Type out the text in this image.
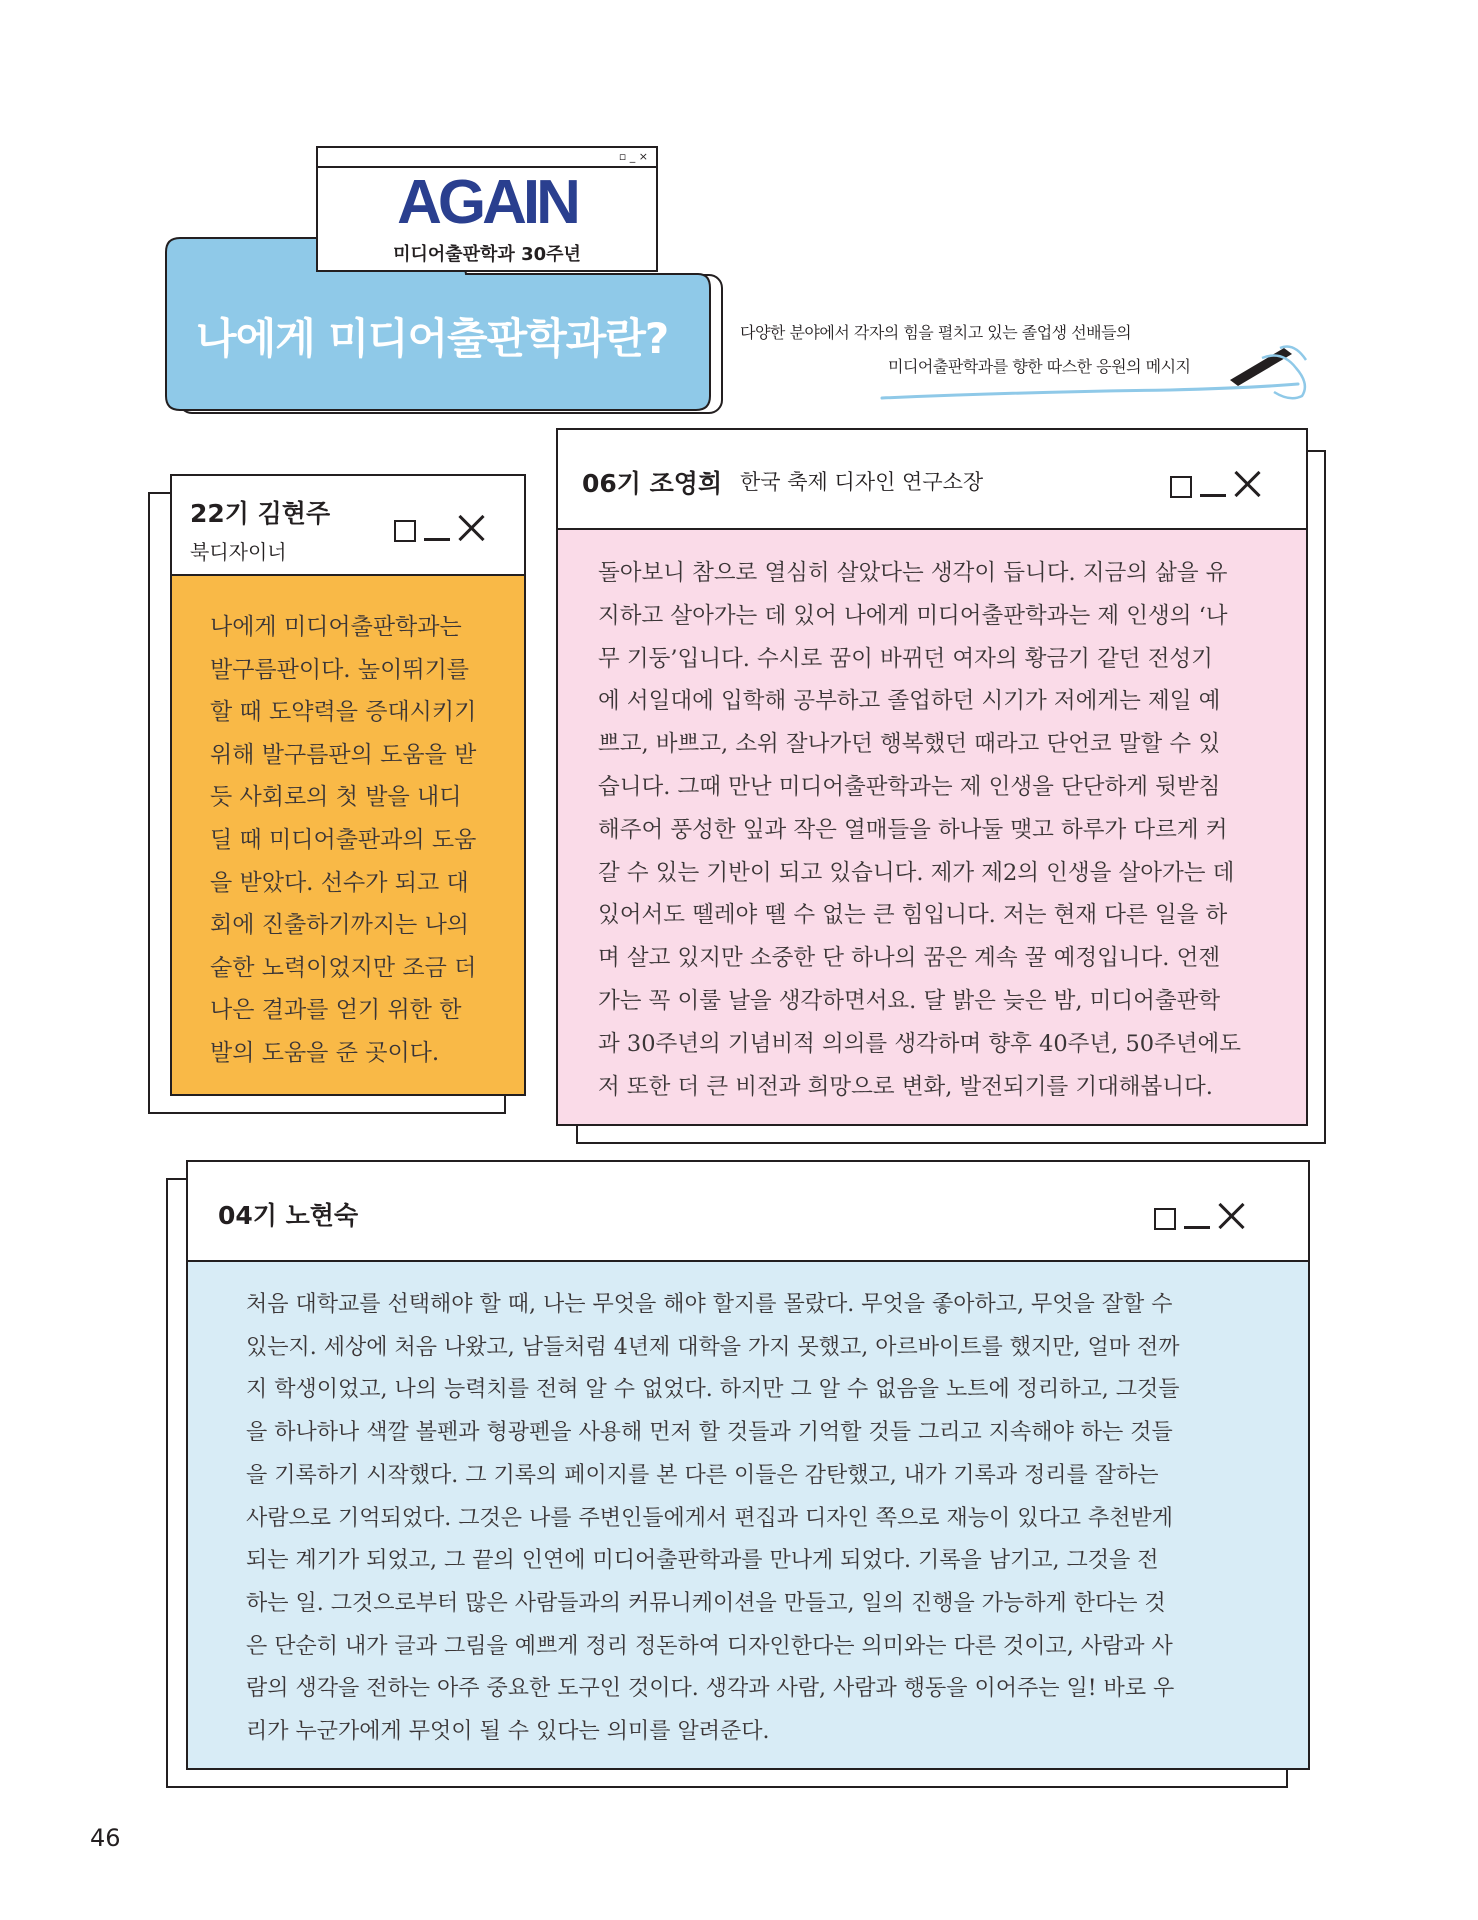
▫ _ ×
AGAIN
미디어출판학과 30주년
나에게 미디어출판학과란?	다양한 분야에서 각자의 힘을 펼치고 있는 졸업생 선배들의
미디어출판학과를 향한 따스한 응원의 메시지
22기 김현주
북디자이너
나에게 미디어출판학과는
발구름판이다. 높이뛰기를
할 때 도약력을 증대시키기
위해 발구름판의 도움을 받
듯 사회로의 첫 발을 내디
딜 때 미디어출판과의 도움
을 받았다. 선수가 되고 대
회에 진출하기까지는 나의
숱한 노력이었지만 조금 더
나은 결과를 얻기 위한 한
발의 도움을 준 곳이다.
06기 조영희 한국 축제 디자인 연구소장
돌아보니 참으로 열심히 살았다는 생각이 듭니다. 지금의 삶을 유
지하고 살아가는 데 있어 나에게 미디어출판학과는 제 인생의 ‘나
무 기둥’입니다. 수시로 꿈이 바뀌던 여자의 황금기 같던 전성기
에 서일대에 입학해 공부하고 졸업하던 시기가 저에게는 제일 예
쁘고, 바쁘고, 소위 잘나가던 행복했던 때라고 단언코 말할 수 있
습니다. 그때 만난 미디어출판학과는 제 인생을 단단하게 뒷받침
해주어 풍성한 잎과 작은 열매들을 하나둘 맺고 하루가 다르게 커
갈 수 있는 기반이 되고 있습니다. 제가 제2의 인생을 살아가는 데
있어서도 뗄레야 뗄 수 없는 큰 힘입니다. 저는 현재 다른 일을 하
며 살고 있지만 소중한 단 하나의 꿈은 계속 꿀 예정입니다. 언젠
가는 꼭 이룰 날을 생각하면서요. 달 밝은 늦은 밤, 미디어출판학
과 30주년의 기념비적 의의를 생각하며 향후 40주년, 50주년에도
저 또한 더 큰 비전과 희망으로 변화, 발전되기를 기대해봅니다.
04기 노현숙
처음 대학교를 선택해야 할 때, 나는 무엇을 해야 할지를 몰랐다. 무엇을 좋아하고, 무엇을 잘할 수
있는지. 세상에 처음 나왔고, 남들처럼 4년제 대학을 가지 못했고, 아르바이트를 했지만, 얼마 전까
지 학생이었고, 나의 능력치를 전혀 알 수 없었다. 하지만 그 알 수 없음을 노트에 정리하고, 그것들
을 하나하나 색깔 볼펜과 형광펜을 사용해 먼저 할 것들과 기억할 것들 그리고 지속해야 하는 것들
을 기록하기 시작했다. 그 기록의 페이지를 본 다른 이들은 감탄했고, 내가 기록과 정리를 잘하는
사람으로 기억되었다. 그것은 나를 주변인들에게서 편집과 디자인 쪽으로 재능이 있다고 추천받게
되는 계기가 되었고, 그 끝의 인연에 미디어출판학과를 만나게 되었다. 기록을 남기고, 그것을 전
하는 일. 그것으로부터 많은 사람들과의 커뮤니케이션을 만들고, 일의 진행을 가능하게 한다는 것
은 단순히 내가 글과 그림을 예쁘게 정리 정돈하여 디자인한다는 의미와는 다른 것이고, 사람과 사
람의 생각을 전하는 아주 중요한 도구인 것이다. 생각과 사람, 사람과 행동을 이어주는 일! 바로 우
리가 누군가에게 무엇이 될 수 있다는 의미를 알려준다.
46
